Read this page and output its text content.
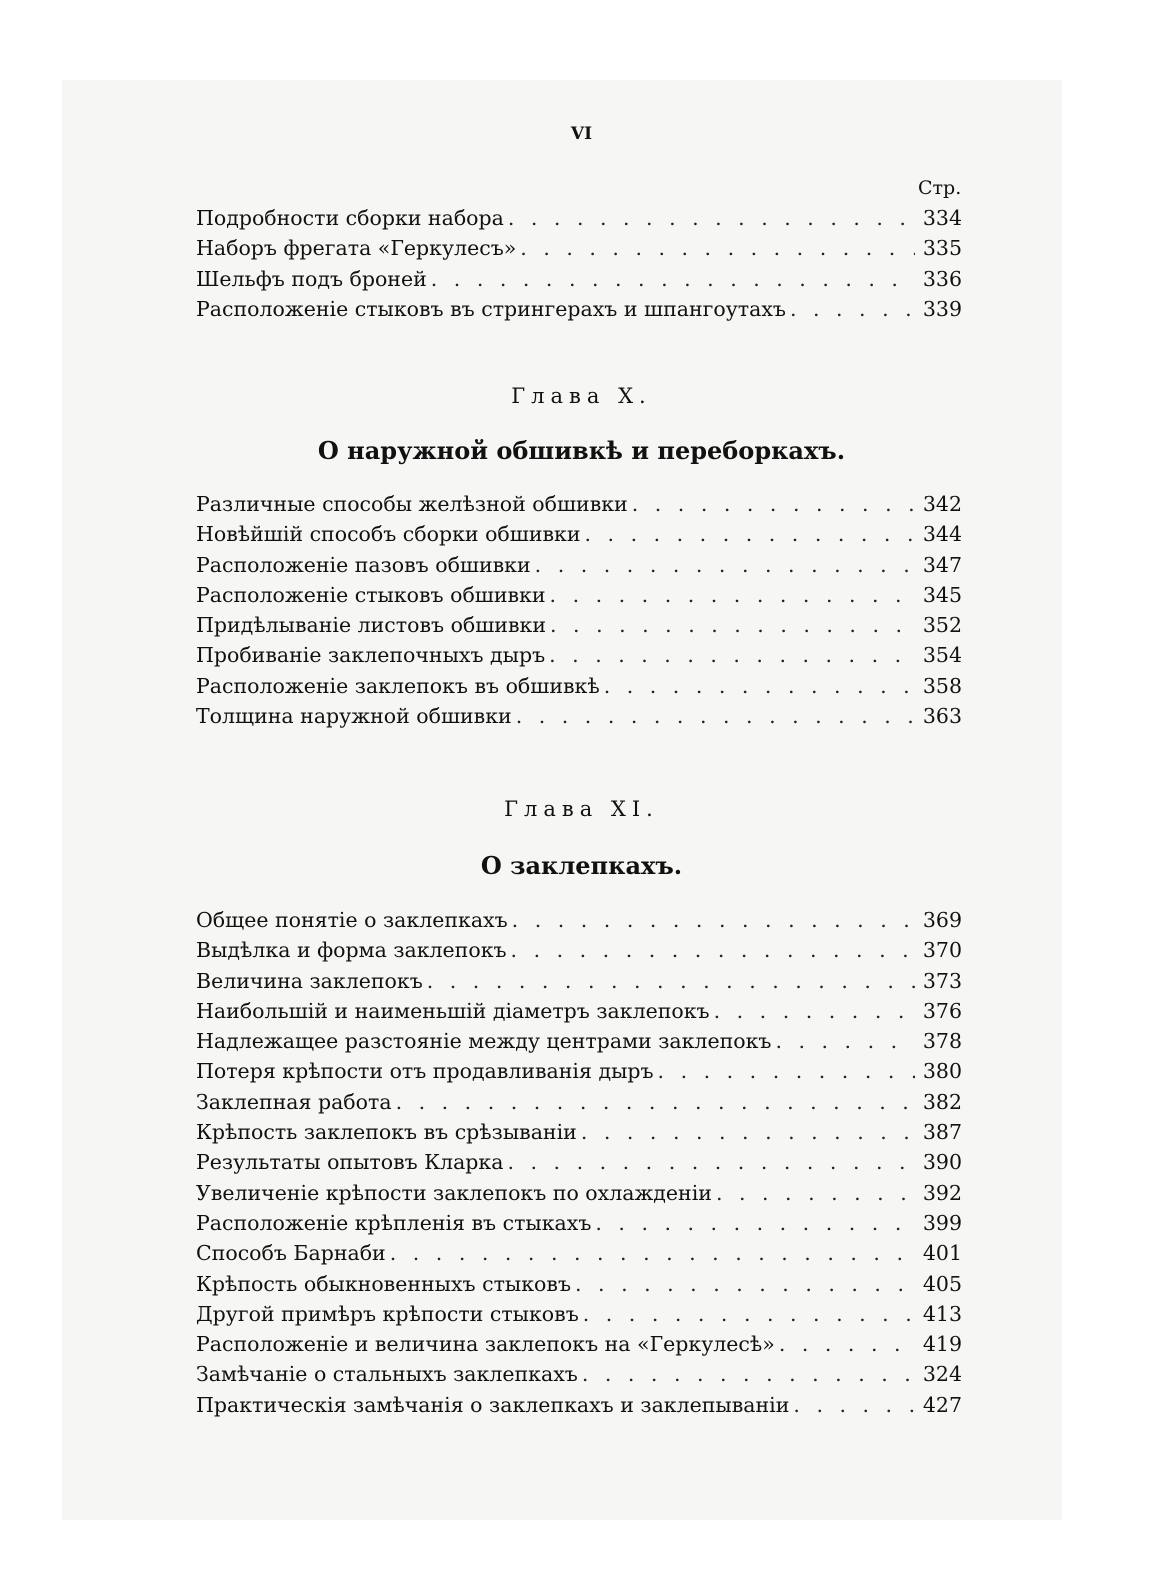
VI
Стр.
Подробности сборки набора . . .	334
Наборъ фрегата «Геркулесъ» . . .	335
Шельфъ подъ броней . . .	336
Расположеніе стыковъ въ стрингерахъ и шпангоутахъ . . .	339
Глава X.
О наружной обшивкѣ и переборкахъ.
Различные способы желѣзной обшивки . . .	342
Новѣйшій способъ сборки обшивки . . .	344
Расположеніе пазовъ обшивки . . .	347
Расположеніе стыковъ обшивки . . .	345
Придѣлываніе листовъ обшивки . . .	352
Пробиваніе заклепочныхъ дыръ . . .	354
Расположеніе заклепокъ въ обшивкѣ . . .	358
Толщина наружной обшивки . . .	363
Глава XI.
О заклепкахъ.
Общее понятіе о заклепкахъ . . .	369
Выдѣлка и форма заклепокъ . . .	370
Величина заклепокъ . . .	373
Наибольшій и наименьшій діаметръ заклепокъ . . .	376
Надлежащее разстояніе между центрами заклепокъ . . .	378
Потеря крѣпости отъ продавливанія дыръ . . .	380
Заклепная работа . . .	382
Крѣпость заклепокъ въ срѣзываніи . . .	387
Результаты опытовъ Кларка . . .	390
Увеличеніе крѣпости заклепокъ по охлажденіи . . .	392
Расположеніе крѣпленія въ стыкахъ . . .	399
Способъ Барнаби . . .	401
Крѣпость обыкновенныхъ стыковъ . . .	405
Другой примѣръ крѣпости стыковъ . . .	413
Расположеніе и величина заклепокъ на «Геркулесѣ» . . .	419
Замѣчаніе о стальныхъ заклепкахъ . . .	324
Практическія замѣчанія о заклепкахъ и заклепываніи . . .	427
